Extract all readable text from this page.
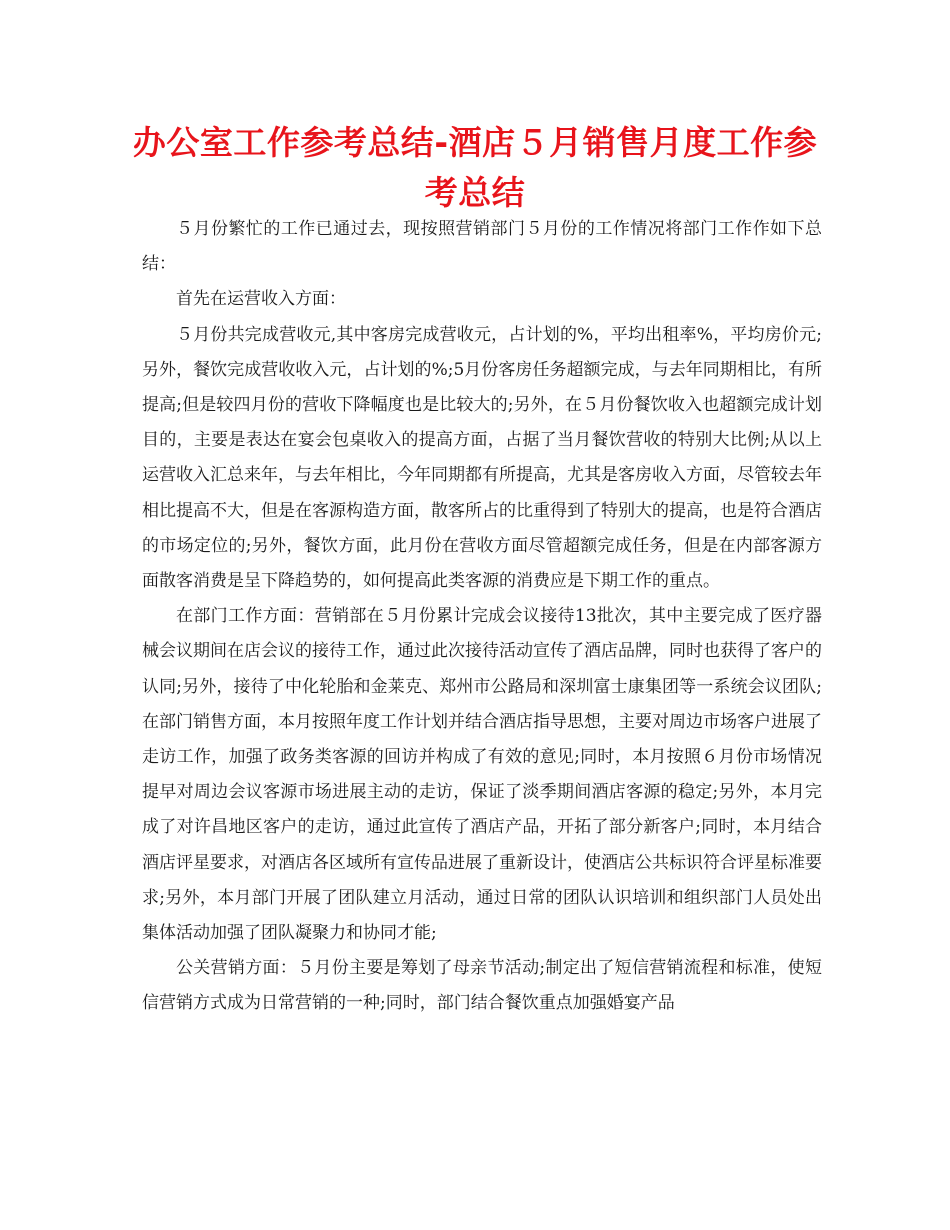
办公室工作参考总结-酒店５月销售月度工作参考总结

５月份繁忙的工作已通过去，现按照营销部门５月份的工作情况将部门工作作如下总结：

首先在运营收入方面：

５月份共完成营收元,其中客房完成营收元，占计划的%，平均出租率%，平均房价元;另外，餐饮完成营收收入元，占计划的%;5月份客房任务超额完成，与去年同期相比，有所提高;但是较四月份的营收下降幅度也是比较大的;另外，在５月份餐饮收入也超额完成计划目的，主要是表达在宴会包桌收入的提高方面，占据了当月餐饮营收的特别大比例;从以上运营收入汇总来年，与去年相比，今年同期都有所提高，尤其是客房收入方面，尽管较去年相比提高不大，但是在客源构造方面，散客所占的比重得到了特别大的提高，也是符合酒店的市场定位的;另外，餐饮方面，此月份在营收方面尽管超额完成任务，但是在内部客源方面散客消费是呈下降趋势的，如何提高此类客源的消费应是下期工作的重点。

在部门工作方面：营销部在５月份累计完成会议接待13批次，其中主要完成了医疗器械会议期间在店会议的接待工作，通过此次接待活动宣传了酒店品牌，同时也获得了客户的认同;另外，接待了中化轮胎和金莱克、郑州市公路局和深圳富士康集团等一系统会议团队;在部门销售方面，本月按照年度工作计划并结合酒店指导思想，主要对周边市场客户进展了走访工作，加强了政务类客源的回访并构成了有效的意见;同时，本月按照６月份市场情况提早对周边会议客源市场进展主动的走访，保证了淡季期间酒店客源的稳定;另外，本月完成了对许昌地区客户的走访，通过此宣传了酒店产品，开拓了部分新客户;同时，本月结合酒店评星要求，对酒店各区域所有宣传品进展了重新设计，使酒店公共标识符合评星标准要求;另外，本月部门开展了团队建立月活动，通过日常的团队认识培训和组织部门人员处出集体活动加强了团队凝聚力和协同才能;

公关营销方面：５月份主要是筹划了母亲节活动;制定出了短信营销流程和标准，使短信营销方式成为日常营销的一种;同时，部门结合餐饮重点加强婚宴产品
